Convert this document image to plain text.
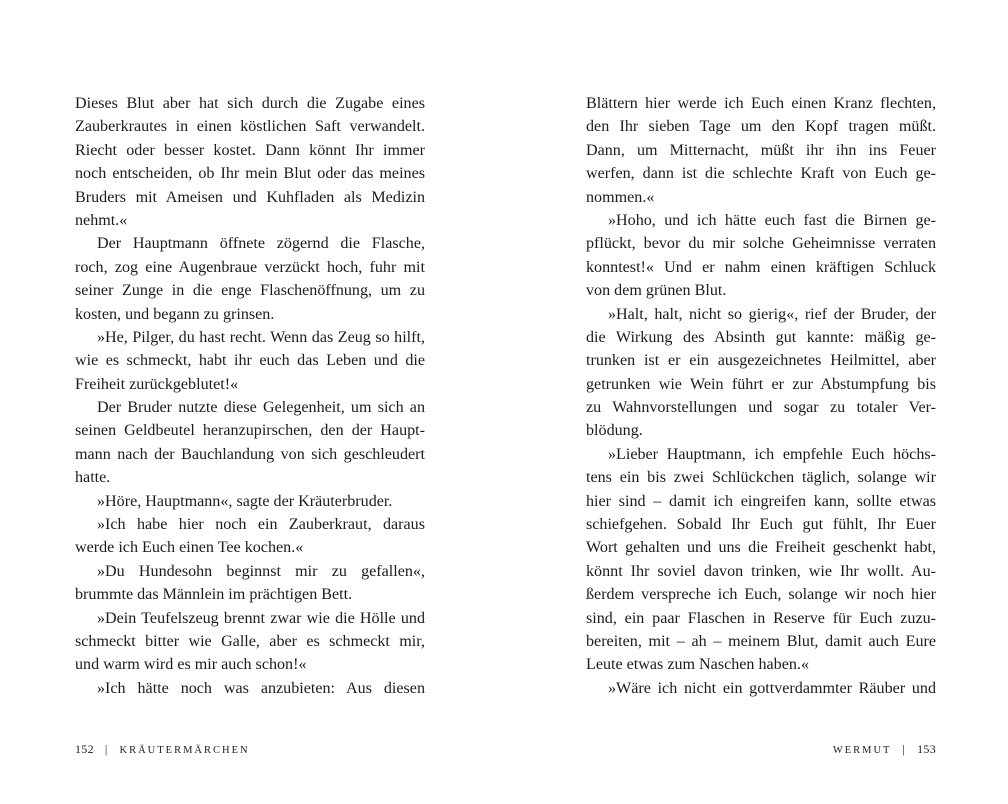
Dieses Blut aber hat sich durch die Zugabe eines
Zauberkrautes in einen köstlichen Saft verwandelt.
Riecht oder besser kostet. Dann könnt Ihr immer
noch entscheiden, ob Ihr mein Blut oder das meines
Bruders mit Ameisen und Kuhfladen als Medizin
nehmt.«
Der Hauptmann öffnete zögernd die Flasche,
roch, zog eine Augenbraue verzückt hoch, fuhr mit
seiner Zunge in die enge Flaschenöffnung, um zu
kosten, und begann zu grinsen.
»He, Pilger, du hast recht. Wenn das Zeug so hilft,
wie es schmeckt, habt ihr euch das Leben und die
Freiheit zurückgeblutet!«
Der Bruder nutzte diese Gelegenheit, um sich an
seinen Geldbeutel heranzupirschen, den der Haupt-
mann nach der Bauchlandung von sich geschleudert
hatte.
»Höre, Hauptmann«, sagte der Kräuterbruder.
»Ich habe hier noch ein Zauberkraut, daraus
werde ich Euch einen Tee kochen.«
»Du Hundesohn beginnst mir zu gefallen«,
brummte das Männlein im prächtigen Bett.
»Dein Teufelszeug brennt zwar wie die Hölle und
schmeckt bitter wie Galle, aber es schmeckt mir,
und warm wird es mir auch schon!«
»Ich hätte noch was anzubieten: Aus diesen
152 | KRÄUTERMÄRCHEN
Blättern hier werde ich Euch einen Kranz flechten,
den Ihr sieben Tage um den Kopf tragen müßt.
Dann, um Mitternacht, müßt ihr ihn ins Feuer
werfen, dann ist die schlechte Kraft von Euch ge-
nommen.«
»Hoho, und ich hätte euch fast die Birnen ge-
pflückt, bevor du mir solche Geheimnisse verraten
konntest!« Und er nahm einen kräftigen Schluck
von dem grünen Blut.
»Halt, halt, nicht so gierig«, rief der Bruder, der
die Wirkung des Absinth gut kannte: mäßig ge-
trunken ist er ein ausgezeichnetes Heilmittel, aber
getrunken wie Wein führt er zur Abstumpfung bis
zu Wahnvorstellungen und sogar zu totaler Ver-
blödung.
»Lieber Hauptmann, ich empfehle Euch höchs-
tens ein bis zwei Schlückchen täglich, solange wir
hier sind – damit ich eingreifen kann, sollte etwas
schiefgehen. Sobald Ihr Euch gut fühlt, Ihr Euer
Wort gehalten und uns die Freiheit geschenkt habt,
könnt Ihr soviel davon trinken, wie Ihr wollt. Au-
ßerdem verspreche ich Euch, solange wir noch hier
sind, ein paar Flaschen in Reserve für Euch zuzu-
bereiten, mit – ah – meinem Blut, damit auch Eure
Leute etwas zum Naschen haben.«
»Wäre ich nicht ein gottverdammter Räuber und
WERMUT | 153
